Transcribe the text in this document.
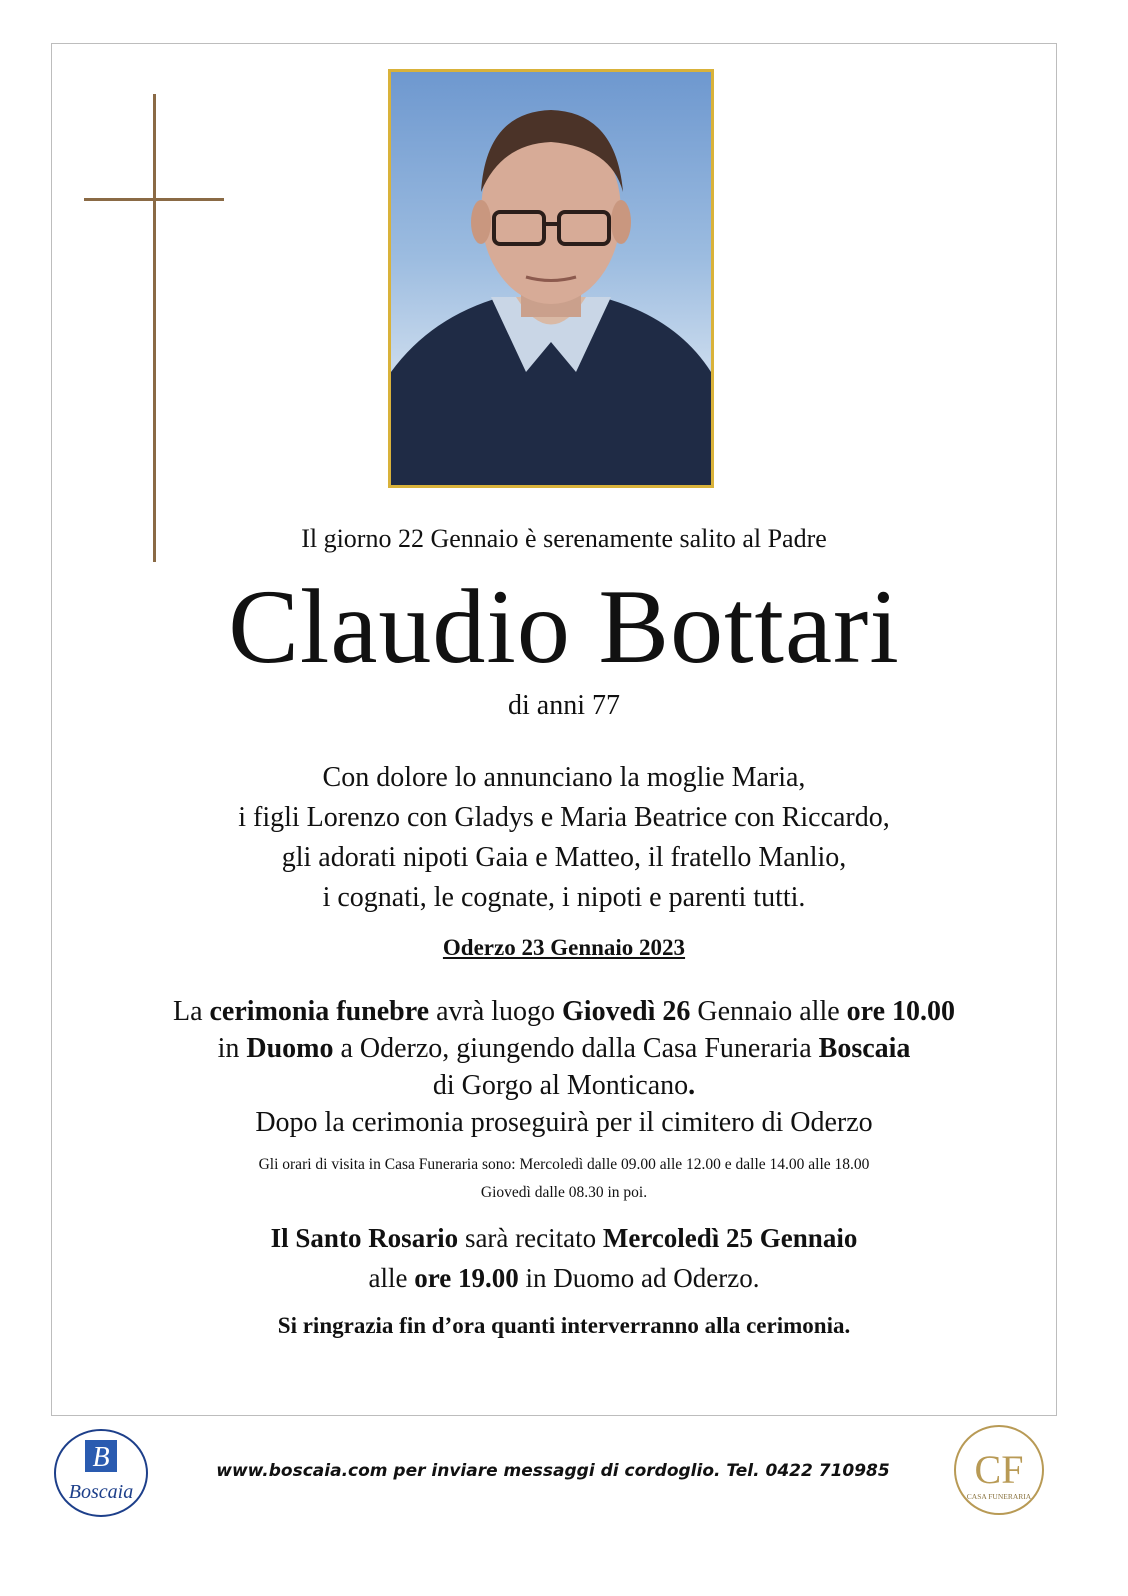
Il giorno 22 Gennaio è serenamente salito al Padre
Claudio Bottari
di anni 77
Con dolore lo annunciano la moglie Maria,
i figli Lorenzo con Gladys e Maria Beatrice con Riccardo,
gli adorati nipoti Gaia e Matteo, il fratello Manlio,
i cognati, le cognate, i nipoti e parenti tutti.
Oderzo 23 Gennaio 2023
La cerimonia funebre avrà luogo Giovedì 26 Gennaio alle ore 10.00
in Duomo a Oderzo, giungendo dalla Casa Funeraria Boscaia
di Gorgo al Monticano.
Dopo la cerimonia proseguirà per il cimitero di Oderzo
Gli orari di visita in Casa Funeraria sono: Mercoledì dalle 09.00 alle 12.00 e dalle 14.00 alle 18.00
Giovedì dalle 08.30 in poi.
Il Santo Rosario sarà recitato Mercoledì 25 Gennaio
alle ore 19.00 in Duomo ad Oderzo.
Si ringrazia fin d’ora quanti interverranno alla cerimonia.
B
Boscaia
www.boscaia.com per inviare messaggi di cordoglio. Tel. 0422 710985	CF
CASA FUNERARIA
